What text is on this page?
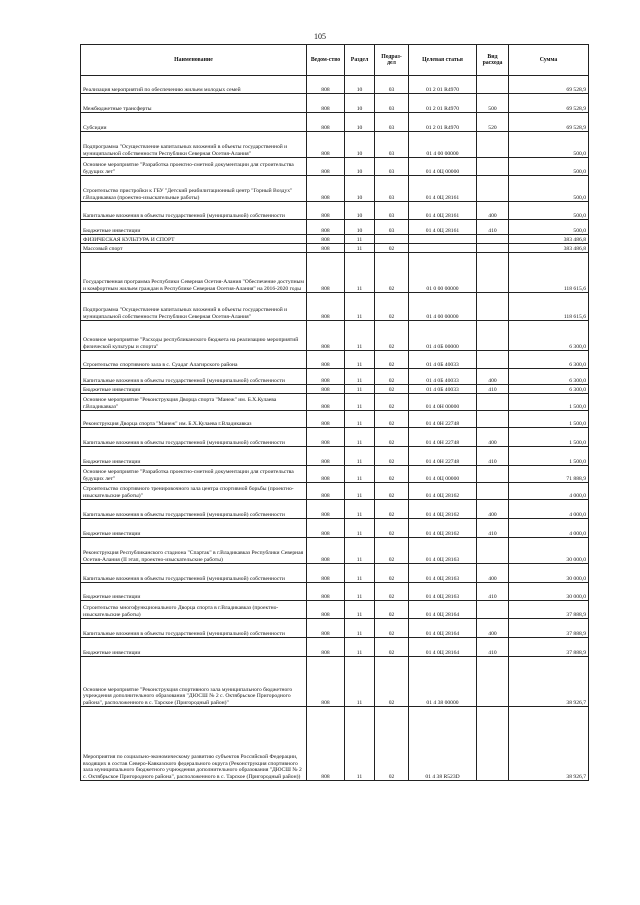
105
Наименование	Ведом-ство	Раздел	Подраз-дел	Целевая статья	Вид расхода	Сумма
Реализация мероприятий по обеспечению жильем молодых семей	808	10	03	01 2 01 R4970		69 528,9
Межбюджетные трансферты	808	10	03	01 2 01 R4970	500	69 528,9
Субсидии	808	10	03	01 2 01 R4970	520	69 528,9
Подпрограмма "Осуществление капитальных вложений в объекты государственной и муниципальной собственности Республики Северная Осетия-Алания"	808	10	03	01 4 00 00000		500,0
Основное мероприятие "Разработка проектно-сметной документации для строительства будущих лет"	808	10	03	01 4 0Ц 00000		500,0
Строительство пристройки к ГБУ "Детский реабилитационный центр "Горный Воздух" г.Владикавказ (проектно-изыскательные работы)	808	10	03	01 4 0Ц 28161		500,0
Капитальные вложения в объекты государственной (муниципальной) собственности	808	10	03	01 4 0Ц 28161	400	500,0
Бюджетные инвестиции	808	10	03	01 4 0Ц 28161	410	500,0
ФИЗИЧЕСКАЯ КУЛЬТУРА И СПОРТ	808	11				383 486,8
Массовый спорт	808	11	02			383 486,8
Государственная программа Республики Северная Осетия-Алания "Обеспечение доступным и комфортным жильем граждан в Республике Северная Осетия-Алания" на 2016-2020 годы	808	11	02	01 0 00 00000		118 615,6
Подпрограмма "Осуществление капитальных вложений в объекты государственной и муниципальной собственности Республики Северная Осетия-Алания"	808	11	02	01 4 00 00000		118 615,6
Основное мероприятие "Расходы республиканского бюджета на реализацию мероприятий физической культуры и спорта"	808	11	02	01 4 0Б 00000		6 300,0
Строительство спортивного зала в с. Суадаг Алагирского района	808	11	02	01 4 0Б 40033		6 300,0
Капитальные вложения в объекты государственной (муниципальной) собственности	808	11	02	01 4 0Б 40033	400	6 300,0
Бюджетные инвестиции	808	11	02	01 4 0Б 40033	410	6 300,0
Основное мероприятие "Реконструкция Дворца спорта "Манеж" им. Б.Х.Кулаева г.Владикавказ"	808	11	02	01 4 0Н 00000		1 500,0
Реконструкция Дворца спорта "Манеж" им. Б.Х.Кулаева г.Владикавказ	808	11	02	01 4 0Н 22748		1 500,0
Капитальные вложения в объекты государственной (муниципальной) собственности	808	11	02	01 4 0Н 22748	400	1 500,0
Бюджетные инвестиции	808	11	02	01 4 0Н 22748	410	1 500,0
Основное мероприятие "Разработка проектно-сметной документации для строительства будущих лет"	808	11	02	01 4 0Ц 00000		71 888,9
Строительство спортивного тренировочного зала центра спортивной борьбы (проектно-изыскательские работы)"	808	11	02	01 4 0Ц 28162		4 000,0
Капитальные вложения в объекты государственной (муниципальной) собственности	808	11	02	01 4 0Ц 28162	400	4 000,0
Бюджетные инвестиции	808	11	02	01 4 0Ц 28162	410	4 000,0
Реконструкция Республиканского стадиона "Спартак" в г.Владикавказ Республики Северная Осетия-Алания (II этап, проектно-изыскательские работы)	808	11	02	01 4 0Ц 28163		30 000,0
Капитальные вложения в объекты государственной (муниципальной) собственности	808	11	02	01 4 0Ц 28163	400	30 000,0
Бюджетные инвестиции	808	11	02	01 4 0Ц 28163	410	30 000,0
Строительство многофункционального Дворца спорта в г.Владикавказ (проектно-изыскательские работы)	808	11	02	01 4 0Ц 28164		37 888,9
Капитальные вложения в объекты государственной (муниципальной) собственности	808	11	02	01 4 0Ц 28164	400	37 888,9
Бюджетные инвестиции	808	11	02	01 4 0Ц 28164	410	37 888,9
Основное мероприятие "Реконструкция спортивного зала муниципального бюджетного учреждения дополнительного образования "ДЮСШ № 2 с. Октябрьское Пригородного района", расположенного в с. Тарское (Пригородный район)"	808	11	02	01 4 38 00000		38 926,7
Мероприятия по социально-экономическому развитию субъектов Российской Федерации, входящих в состав Северо-Кавказского федерального округа (Реконструкция спортивного зала муниципального бюджетного учреждения дополнительного образования "ДЮСШ № 2 с. Октябрьское Пригородного района", расположенного в с. Тарское (Пригородный район))	808	11	02	01 4 38 R523D		38 926,7
